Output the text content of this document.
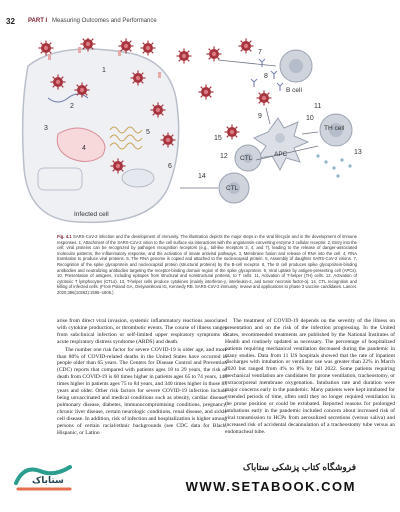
32 PART I Measuring Outcomes and Performance
1
2
3
4
5
6
7
8
9	10
11
12
13
14
15
B cell
TH cell
APC
CTL
CTL
Infected cell
Fig. 4.1 SARS-CoV-2 infection and the development of immunity. The illustration depicts the major steps in the viral lifecycle and in the development of immune responses. 1, Attachment of the SARS-CoV-2 virion to the cell surface via interactions with the angiotensin-converting enzyme 2 cellular receptor. 2, Entry into the cell; viral proteins can be recognized by pathogen recognition receptors (e.g., toll-like receptors 3, 4, and 7), leading to the release of danger-associated molecular patterns, the inflammatory response, and the activation of innate antiviral pathways. 3, Membrane fusion and release of RNA into the cell. 4, RNA translation to produce viral proteins. 5, The RNA genome is copied and attached to the nucleocapsid protein. 6, Assembly of daughter SARS-CoV-2 virions. 7, Recognition of the spike glycoprotein and nucleocapsid protein (structural proteins) by the B-cell receptor. 8, The B cell produces spike glycoprotein-binding antibodies and neutralizing antibodies targeting the receptor-binding domain region of the spike glycoprotein. 9, Viral uptake by antigen-presenting cell (APCs). 10, Presentation of antigens, including epitopes from structural and nonstructural proteins, to T cells. 11, Activation of T-helper (TH) cells. 12, Activation of cytotoxic T lymphocytes (CTLs). 13, T-helper cells produce cytokines (mainly interferon-γ, interleukin-2, and tumor necrosis factor-α). 14, CTL recognition and killing of infected cells. (From Poland GA, Ovsyannikova IG, Kennedy RB. SARS-CoV-2 immunity: review and applications to phase 3 vaccine candidates. Lancet. 2020;396(10262):1595–1606.)

arise from direct viral invasion, systemic inflammatory reactions associated with cytokine production, or thrombotic events. The course of illness ranges from subclinical infection or self-limited upper respiratory symptoms to acute respiratory distress syndrome (ARDS) and death.

The number one risk factor for severe COVID-19 is older age, and more than 80% of COVID-related deaths in the United States have occurred in people older than 65 years. The Centers for Disease Control and Prevention (CDC) reports that compared with patients ages 18 to 29 years, the risk of death from COVID-19 is 60 times higher in patients ages 65 to 74 years, 140 times higher in patients ages 75 to 84 years, and 340 times higher in those 85 years and older. Other risk factors for severe COVID-19 infection include being unvaccinated and medical conditions such as obesity, cardiac disease, pulmonary disease, diabetes, immunocompromising conditions, pregnancy, chronic liver disease, certain neurologic conditions, renal disease, and sickle cell disease. In addition, risk of infection and hospitalization is higher among persons of certain racial/ethnic backgrounds (see CDC data for Black, Hispanic, or Latino

The treatment of COVID-19 depends on the severity of the illness on presentation and on the risk of the infection progressing. In the United States, recommended treatments are published by the National Institutes of Health and routinely updated as necessary. The percentage of hospitalized patients requiring mechanical ventilation decreased during the pandemic in many studies. Data from 11 US hospitals showed that the rate of inpatient discharges with intubation or ventilator use was greater than 22% in March 2020 but ranged from 4% to 8% by fall 2022. Some patients requiring mechanical ventilation are candidates for prone ventilation, tracheostomy, or extracorporeal membrane oxygenation. Intubation rate and duration were major concerns early in the pandemic. Many patients were kept intubated for extended periods of time, often until they no longer required ventilation in the prone position or could be extubated. Reported reasons for prolonged intubations early in the pandemic included concern about increased risk of viral transmission to HCPs from aerosolized secretions (versus saliva) and increased risk of accidental decannulation of a tracheostomy tube versus an endotracheal tube.

ستاباک
فروشگاه کتاب پزشکی ستاباک
WWW.SETABOOK.COM
